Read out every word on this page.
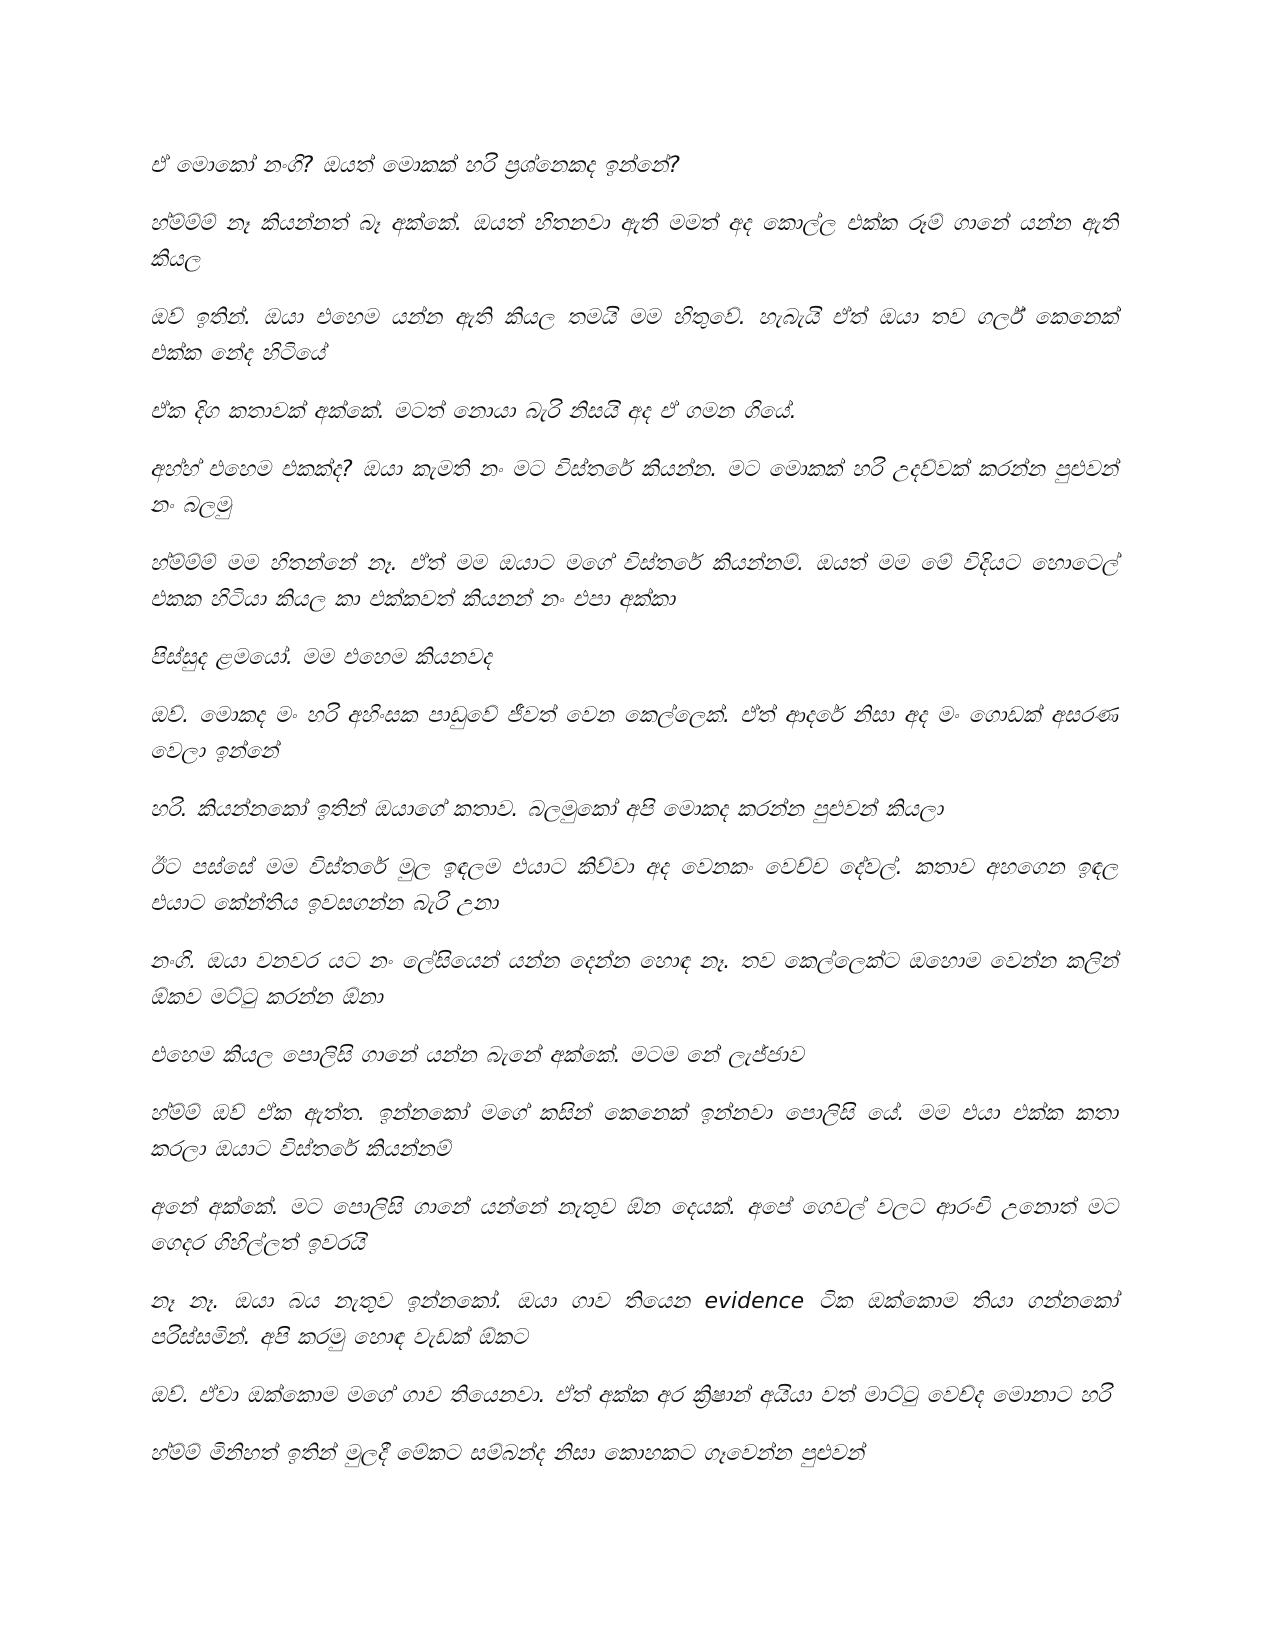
ඒ මොකෝ නංගි? ඔයත් මොකක් හරි ප්‍රශ්නෙකද ඉන්නේ?

හ්ම්ම්ම් නෑ කියන්නත් බෑ අක්කේ. ඔයත් හිතනවා ඇති මමත් අද කොල්ල එක්ක රූම් ගානේ යන්න ඇති කියල

ඔව් ඉතින්. ඔයා එහෙම යන්න ඇති කියල තමයි මම හිතුවේ. හැබැයි ඒත් ඔයා තව ගර්ල් කෙනෙක් එක්ක නේද හිටියේ

ඒක දිග කතාවක් අක්කේ. මටත් නොයා බැරි නිසයි අද ඒ ගමන ගියේ.

අහ්හ් එහෙම එකක්ද? ඔයා කැමති නං මට විස්තරේ කියන්න. මට මොකක් හරි උදව්වක් කරන්න පුළුවන් නං බලමු

හ්ම්ම්ම් මම හිතන්නේ නෑ. ඒත් මම ඔයාට මගේ විස්තරේ කියන්නම්. ඔයත් මම මේ විදියට හොටෙල් එකක හිටියා කියල කා එක්කවත් කියනන් නං එපා අක්කා

පිස්සුද ළමයෝ. මම එහෙම කියනවද

ඔව්. මොකද මං හරි අහිංසක පාඩුවේ ජීවත් වෙන කෙල්ලෙක්. ඒත් ආදරේ නිසා අද මං ගොඩක් අසරණ වෙලා ඉන්නේ

හරි. කියන්නකෝ ඉතින් ඔයාගේ කතාව. බලමුකෝ අපි මොකද කරන්න පුළුවන් කියලා

ඊට පස්සේ මම විස්තරේ මුල ඉඳලම එයාට කිව්වා අද වෙනකං වෙච්ච දේවල්. කතාව අහගෙන ඉඳල එයාට කේන්තිය ඉවසගන්න බැරි උනා

නංගි. ඔයා වනවර යට නං ලේසියෙන් යන්න දෙන්න හොඳ නෑ. තව කෙල්ලෙක්ට ඔහොම වෙන්න කලින් ඕකව මට්ටු කරන්න ඕනා

එහෙම කියල පොලිසි ගානේ යන්න බැනේ අක්කේ. මටම නේ ලැජ්ජාව

හ්ම්ම් ඔව් ඒක ඇත්ත. ඉන්නකෝ මගේ කසින් කෙනෙක් ඉන්නවා පොලිසි යේ. මම එයා එක්ක කතා කරලා ඔයාට විස්තරේ කියන්නම්

අනේ අක්කේ. මට පොලිසි ගානේ යන්නේ නැතුව ඕන දෙයක්. අපේ ගෙවල් වලට ආරංචි උනොත් මට ගෙදර ගිහිල්ලත් ඉවරයි

නෑ නෑ. ඔයා බය නැතුව ඉන්නකෝ. ඔයා ගාව තියෙන evidence ටික ඔක්කොම තියා ගන්නකෝ පරිස්සමින්. අපි කරමු හොඳ වැඩක් ඕකට

ඔව්. ඒවා ඔක්කොම මගේ ගාව තියෙනවා. ඒත් අක්ක අර ක්‍රිෂාන් අයියා වත් මාට්ටු වෙච්ද මොනාට හරි

හ්ම්ම් මිනිහත් ඉතින් මුලදී මේකට සම්බන්ද නිසා කොහකට ගෑවෙන්න පුළුවන්
